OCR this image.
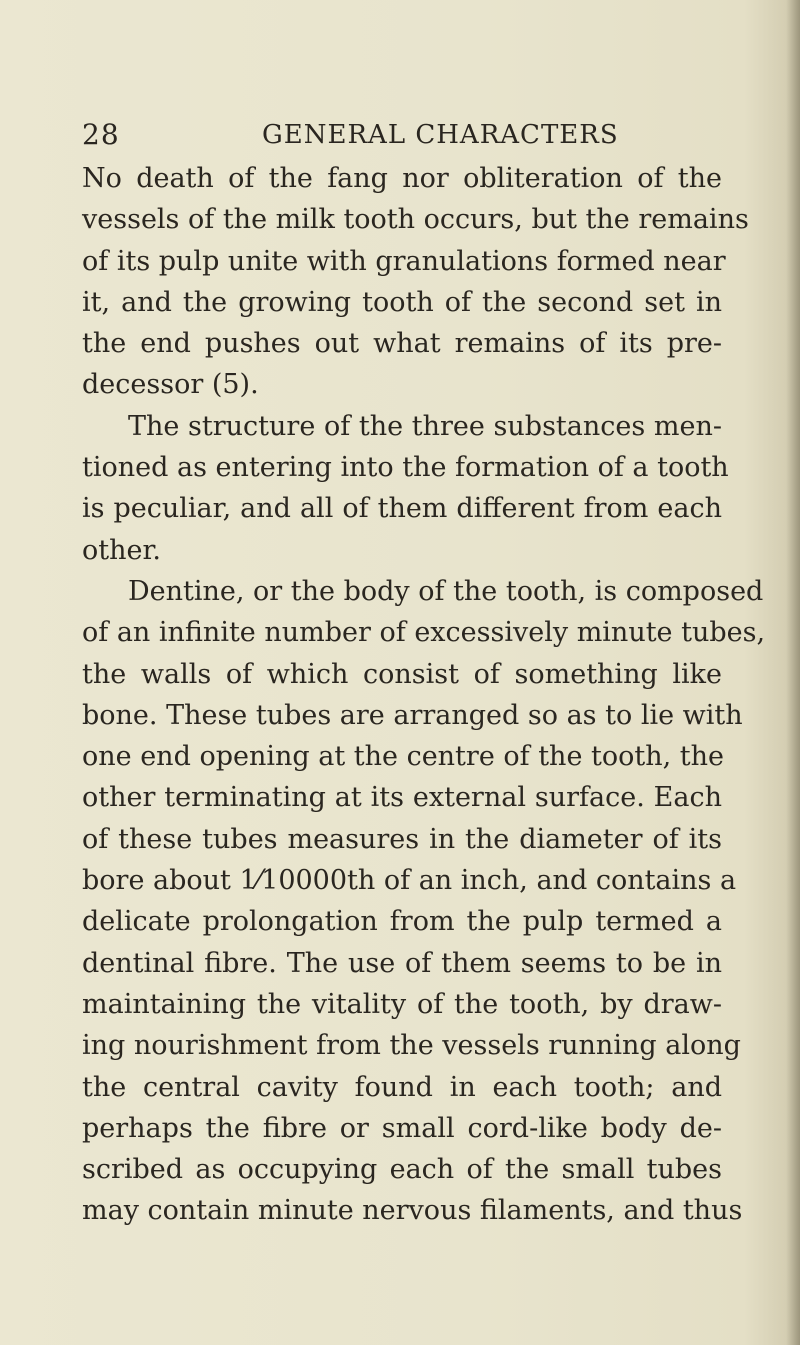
28	GENERAL CHARACTERS
No death of the fang nor obliteration of the
vessels of the milk tooth occurs, but the remains
of its pulp unite with granulations formed near
it, and the growing tooth of the second set in
the end pushes out what remains of its pre-
decessor (5).
The structure of the three substances men-
tioned as entering into the formation of a tooth
is peculiar, and all of them different from each
other.
Dentine, or the body of the tooth, is composed
of an infinite number of excessively minute tubes,
the walls of which consist of something like
bone. These tubes are arranged so as to lie with
one end opening at the centre of the tooth, the
other terminating at its external surface. Each
of these tubes measures in the diameter of its
bore about 1⁄10000th of an inch, and contains a
delicate prolongation from the pulp termed a
dentinal fibre. The use of them seems to be in
maintaining the vitality of the tooth, by draw-
ing nourishment from the vessels running along
the central cavity found in each tooth; and
perhaps the fibre or small cord-like body de-
scribed as occupying each of the small tubes
may contain minute nervous filaments, and thus
